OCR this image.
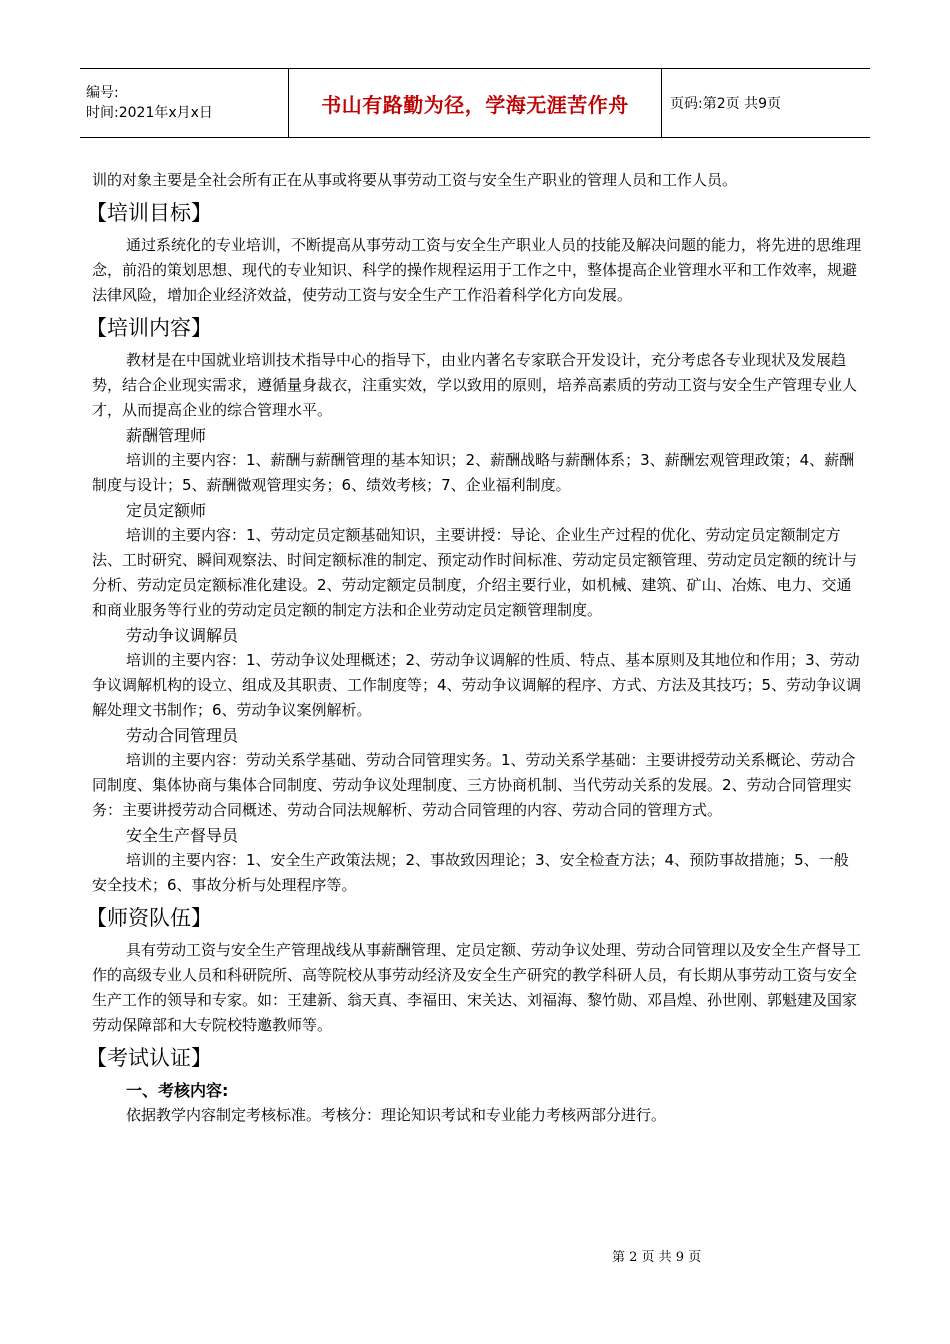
编号:
时间:2021年x月x日	书山有路勤为径，学海无涯苦作舟	页码:第2页 共9页

训的对象主要是全社会所有正在从事或将要从事劳动工资与安全生产职业的管理人员和工作人员。

【培训目标】

通过系统化的专业培训，不断提高从事劳动工资与安全生产职业人员的技能及解决问题的能力，将先进的思维理念，前沿的策划思想、现代的专业知识、科学的操作规程运用于工作之中，整体提高企业管理水平和工作效率，规避法律风险，增加企业经济效益，使劳动工资与安全生产工作沿着科学化方向发展。

【培训内容】

教材是在中国就业培训技术指导中心的指导下，由业内著名专家联合开发设计，充分考虑各专业现状及发展趋势，结合企业现实需求，遵循量身裁衣，注重实效，学以致用的原则，培养高素质的劳动工资与安全生产管理专业人才，从而提高企业的综合管理水平。

薪酬管理师

培训的主要内容：1、薪酬与薪酬管理的基本知识；2、薪酬战略与薪酬体系；3、薪酬宏观管理政策；4、薪酬制度与设计；5、薪酬微观管理实务；6、绩效考核；7、企业福利制度。

定员定额师

培训的主要内容：1、劳动定员定额基础知识，主要讲授：导论、企业生产过程的优化、劳动定员定额制定方法、工时研究、瞬间观察法、时间定额标准的制定、预定动作时间标准、劳动定员定额管理、劳动定员定额的统计与分析、劳动定员定额标准化建设。2、劳动定额定员制度，介绍主要行业，如机械、建筑、矿山、冶炼、电力、交通和商业服务等行业的劳动定员定额的制定方法和企业劳动定员定额管理制度。

劳动争议调解员

培训的主要内容：1、劳动争议处理概述；2、劳动争议调解的性质、特点、基本原则及其地位和作用；3、劳动争议调解机构的设立、组成及其职责、工作制度等；4、劳动争议调解的程序、方式、方法及其技巧；5、劳动争议调解处理文书制作；6、劳动争议案例解析。

劳动合同管理员

培训的主要内容：劳动关系学基础、劳动合同管理实务。1、劳动关系学基础：主要讲授劳动关系概论、劳动合同制度、集体协商与集体合同制度、劳动争议处理制度、三方协商机制、当代劳动关系的发展。2、劳动合同管理实务：主要讲授劳动合同概述、劳动合同法规解析、劳动合同管理的内容、劳动合同的管理方式。

安全生产督导员

培训的主要内容：1、安全生产政策法规；2、事故致因理论；3、安全检查方法；4、预防事故措施；5、一般安全技术；6、事故分析与处理程序等。

【师资队伍】

具有劳动工资与安全生产管理战线从事薪酬管理、定员定额、劳动争议处理、劳动合同管理以及安全生产督导工作的高级专业人员和科研院所、高等院校从事劳动经济及安全生产研究的教学科研人员，有长期从事劳动工资与安全生产工作的领导和专家。如：王建新、翁天真、李福田、宋关达、刘福海、黎竹勋、邓昌煌、孙世刚、郭魁建及国家劳动保障部和大专院校特邀教师等。

【考试认证】
一、考核内容:

依据教学内容制定考核标准。考核分：理论知识考试和专业能力考核两部分进行。

第 2 页 共 9 页
